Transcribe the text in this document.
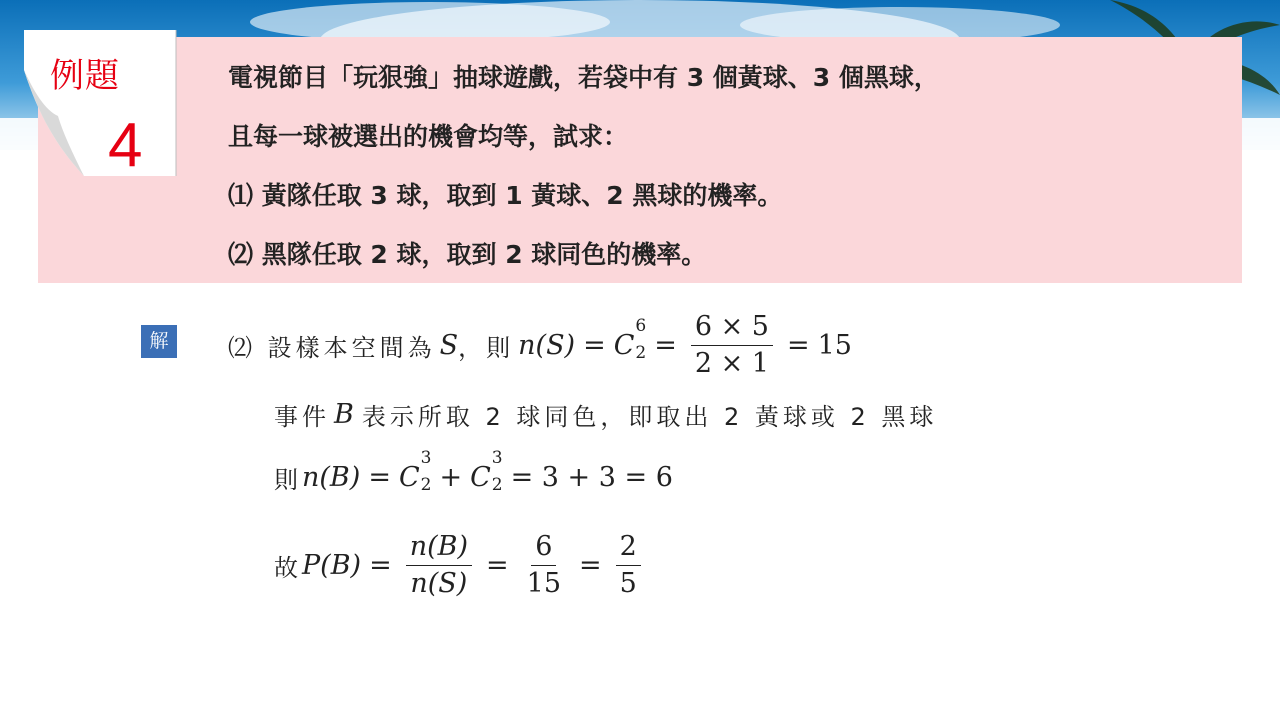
例題
4
電視節目「玩狠強」抽球遊戲，若袋中有 3 個黃球、3 個黑球，
且每一球被選出的機會均等，試求：
⑴ 黃隊任取 3 球，取到 1 黃球、2 黑球的機率。
⑵ 黑隊任取 2 球，取到 2 球同色的機率。
解	⑵ 設樣本空間為 S ，則 n(S) = C
6
$2 = \frac{6 \times 5}{2 \times 1} = 15$
事件 B 表示所取 2 球同色，即取出 2 黃球或 2 黑球
則 n(B) = C
3
2 + C
3
2 = 3 + 3 = 6
故 $P(B) = \frac{n(B)}{n(S)} = \frac{6}{15} = \frac{2}{5}$
